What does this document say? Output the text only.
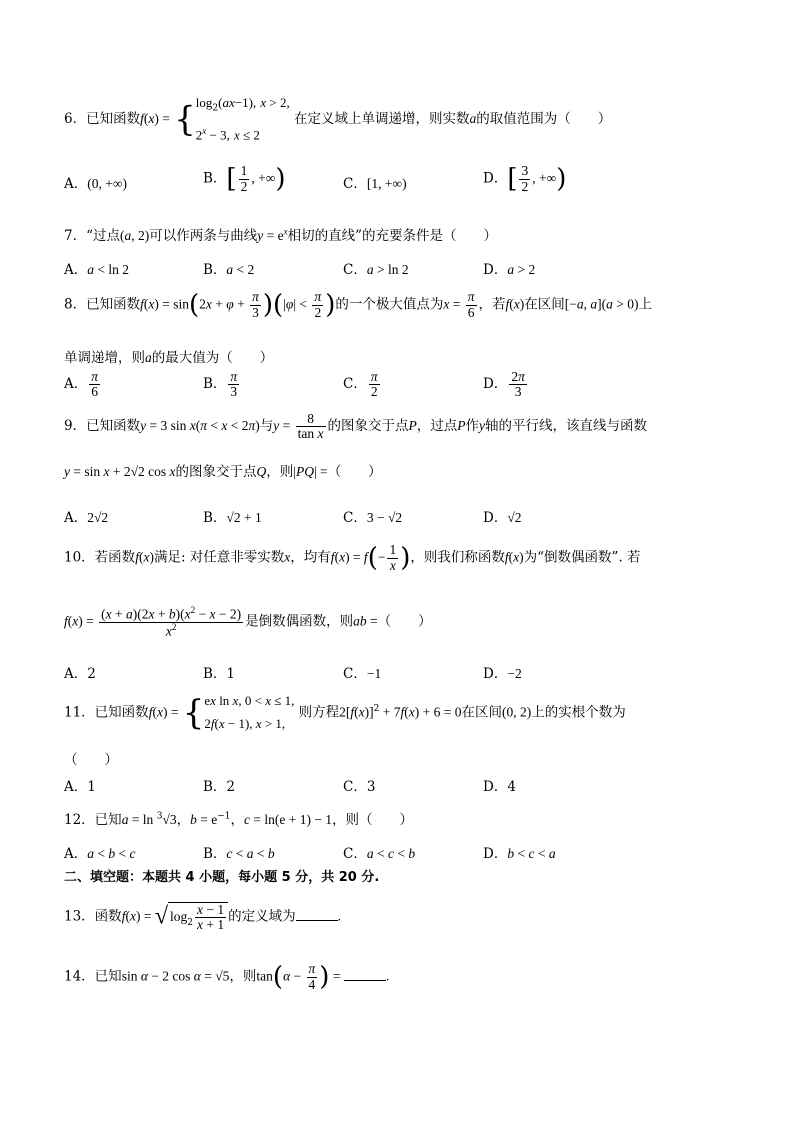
6．已知函数$f(x) = \{\log_2(ax-1)$, x > 2,
$2^x - 3$, x ≤ 2 在定义域上单调递增，则实数a的取值范围为（　　）
A．(0, +∞)	B．[ $\frac{1}{2}$ , +∞)	C．[1, +∞)	D．[ $\frac{3}{2}$ , +∞)
7．“过点(a, 2)可以作两条与曲线$y = e^x$相切的直线”的充要条件是（　　）
A．a < ln 2	B．a < 2	C．a > ln 2	D．a > 2
8．已知函数$f(x) = \sin(2x + \varphi + \frac{\pi}{3} )(|\varphi| < \frac{\pi}{2}$ )的一个极大值点为$x = \frac{\pi}{6}$ ，若f(x)在区间[−a, a](a > 0)上
单调递增，则a的最大值为（　　）
A． $\frac{\pi}{6}$	B． $\frac{\pi}{3}$	C． $\frac{\pi}{2}$	D． $\frac{2\pi}{3}$
9．已知函数y = 3 sin x(π < x < 2π)与$y = \frac{8}{\text{tan x}}$ 的图象交于点P，过点P作y轴的平行线，该直线与函数
y = sin x + 2√2 cos x的图象交于点Q，则|PQ| =（　　）
A．2√2	B．√2 + 1	C．3 − √2	D．√2
10．若函数f(x)满足: 对任意非零实数x，均有$f(x) = f(- \frac{1}{x}$ )，则我们称函数f(x)为“倒数偶函数”. 若
$f(x) = \frac{(x + a)(2x + b)(x^2 - x - 2)}{x^2}$ 是倒数偶函数，则ab =（　　）
A．2	B．1	C．−1	D．−2
11．已知函数f(x) = {ex ln x, 0 < x ≤ 1,
2f(x − 1), x > 1, 则方程$2[f(x)]^2 + 7f(x) + 6 = 0$在区间(0, 2)上的实根个数为
（　　）
A．1	B．2	C．3	D．4
12．已知a = ln $^3$√3，$b = e^{-1}$，c = ln(e + 1) − 1，则（　　）
A．a < b < c	B．c < a < b	C．a < c < b	D．b < c < a
二、填空题：本题共 4 小题，每小题 5 分，共 20 分.
13．函数f(x) = √ $\log_2 \frac{x - 1}{x + 1}$ 的定义域为	.
14．已知sin α − 2 cos α = √5，则$\tan(\alpha - \frac{\pi}{4}$ ) =	.
